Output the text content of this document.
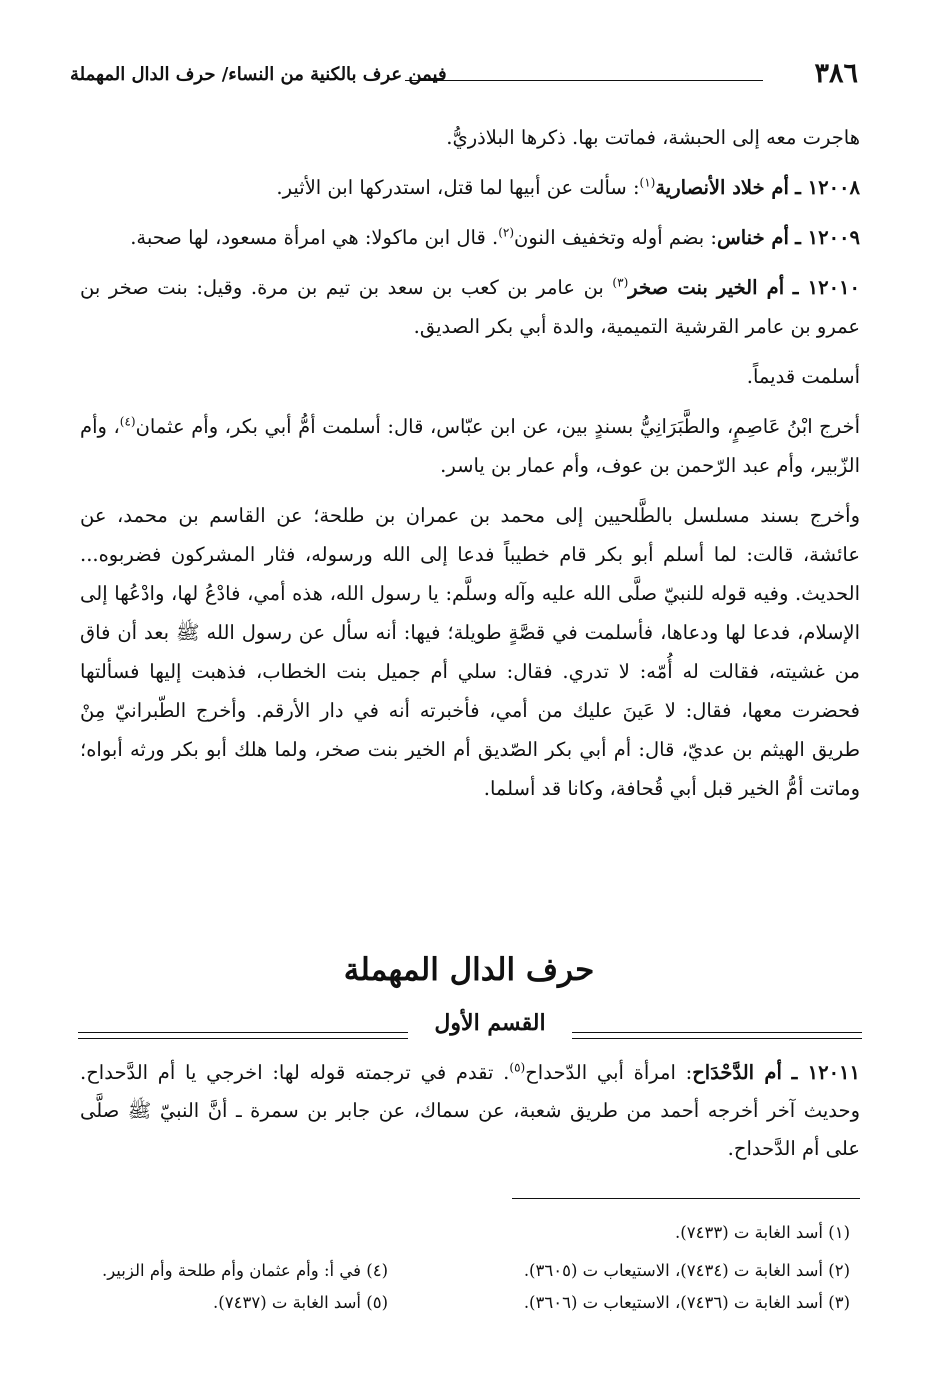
٣٨٦
فيمن عرف بالكنية من النساء/ حرف الدال المهملة

هاجرت معه إلى الحبشة، فماتت بها. ذكرها البلاذريُّ.

١٢٠٠٨ ـ أم خلاد الأنصارية$^{(١)}$: سألت عن أبيها لما قتل، استدركها ابن الأثير.

١٢٠٠٩ ـ أم خناس: بضم أوله وتخفيف النون$^{(٢)}$. قال ابن ماكولا: هي امرأة مسعود، لها صحبة.

١٢٠١٠ ـ أم الخير بنت صخر$^{(٣)}$ بن عامر بن كعب بن سعد بن تيم بن مرة. وقيل: بنت صخر بن عمرو بن عامر القرشية التميمية، والدة أبي بكر الصديق.

أسلمت قديماً.

أخرج ابْنُ عَاصِمٍ، والطَّبَرَانِيُّ بسندٍ بين، عن ابن عبّاس، قال: أسلمت أمُّ أبي بكر، وأم عثمان$^{(٤)}$، وأم الزّبير، وأم عبد الرّحمن بن عوف، وأم عمار بن ياسر.

وأخرج بسند مسلسل بالطَّلحيين إلى محمد بن عمران بن طلحة؛ عن القاسم بن محمد، عن عائشة، قالت: لما أسلم أبو بكر قام خطيباً فدعا إلى الله ورسوله، فثار المشركون فضربوه... الحديث. وفيه قوله للنبيّ صلَّى الله عليه وآله وسلَّم: يا رسول الله، هذه أمي، فادْعُ لها، وادْعُها إلى الإسلام، فدعا لها ودعاها، فأسلمت في قصَّةٍ طويلة؛ فيها: أنه سأل عن رسول الله ﷺ بعد أن فاق من غشيته، فقالت له أُمّه: لا تدري. فقال: سلي أم جميل بنت الخطاب، فذهبت إليها فسألتها فحضرت معها، فقال: لا عَينَ عليك من أمي، فأخبرته أنه في دار الأرقم. وأخرج الطّبرانيّ مِنْ طريق الهيثم بن عديّ، قال: أم أبي بكر الصّديق أم الخير بنت صخر، ولما هلك أبو بكر ورثه أبواه؛ وماتت أمُّ الخير قبل أبي قُحافة، وكانا قد أسلما.

حرف الدال المهملة
القسم الأول

١٢٠١١ ـ أم الدَّحْدَاح: امرأة أبي الدّحداح$^{(٥)}$. تقدم في ترجمته قوله لها: اخرجي يا أم الدَّحداح. وحديث آخر أخرجه أحمد من طريق شعبة، عن سماك، عن جابر بن سمرة ـ أنَّ النبيّ ﷺ صلَّى على أم الدَّحداح.

(١) أسد الغابة ت (٧٤٣٣).
(٢) أسد الغابة ت (٧٤٣٤)، الاستيعاب ت (٣٦٠٥).
(٣) أسد الغابة ت (٧٤٣٦)، الاستيعاب ت (٣٦٠٦).
(٤) في أ: وأم عثمان وأم طلحة وأم الزبير.
(٥) أسد الغابة ت (٧٤٣٧).
